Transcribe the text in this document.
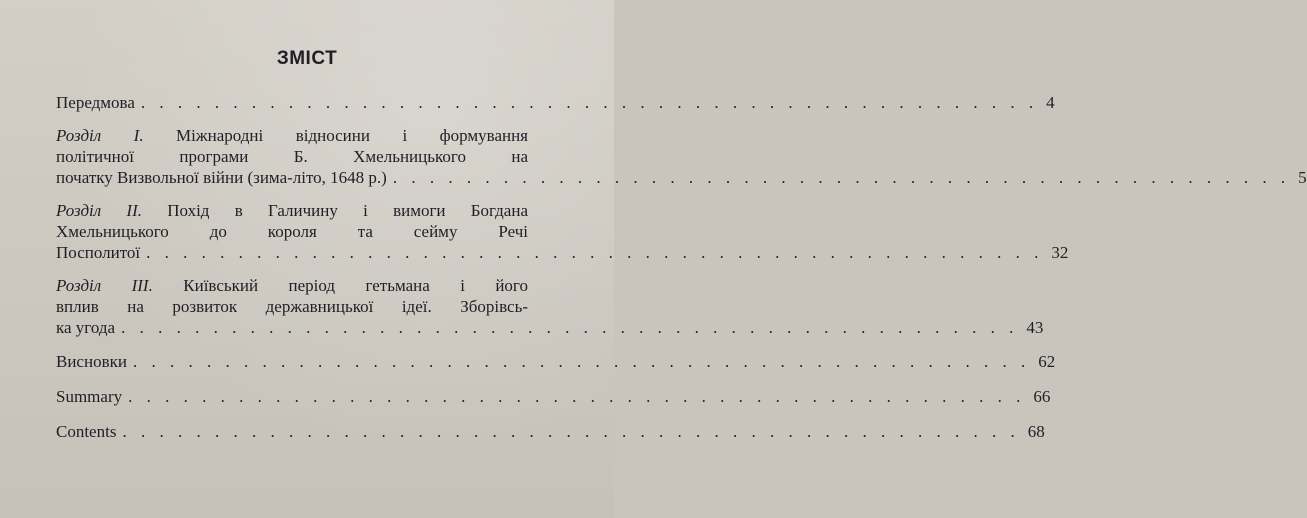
ЗМІСТ
Передмова . . . . . . . . . . . . . . . . . . . . . . . . . . . . . . . . . . . . . . . . . . . . . . . . . 4
Розділ I. Міжнародні відносини і формування
політичної програми Б. Хмельницького на
початку Визвольної війни (зима-літо, 1648 р.) . . . . . . . . . . . . . . . . . . . . . . . . . . . . . . . . . . . . . . . . . . . . . . . . . 5
Розділ II. Похід в Галичину і вимоги Богдана
Хмельницького до короля та сейму Речі
Посполитої . . . . . . . . . . . . . . . . . . . . . . . . . . . . . . . . . . . . . . . . . . . . . . . . . 32
Розділ III. Київський період гетьмана і його
вплив на розвиток державницької ідеї. Зборівсь-
ка угода . . . . . . . . . . . . . . . . . . . . . . . . . . . . . . . . . . . . . . . . . . . . . . . . . 43
Висновки . . . . . . . . . . . . . . . . . . . . . . . . . . . . . . . . . . . . . . . . . . . . . . . . . 62
Summary . . . . . . . . . . . . . . . . . . . . . . . . . . . . . . . . . . . . . . . . . . . . . . . . . 66
Contents . . . . . . . . . . . . . . . . . . . . . . . . . . . . . . . . . . . . . . . . . . . . . . . . . 68
